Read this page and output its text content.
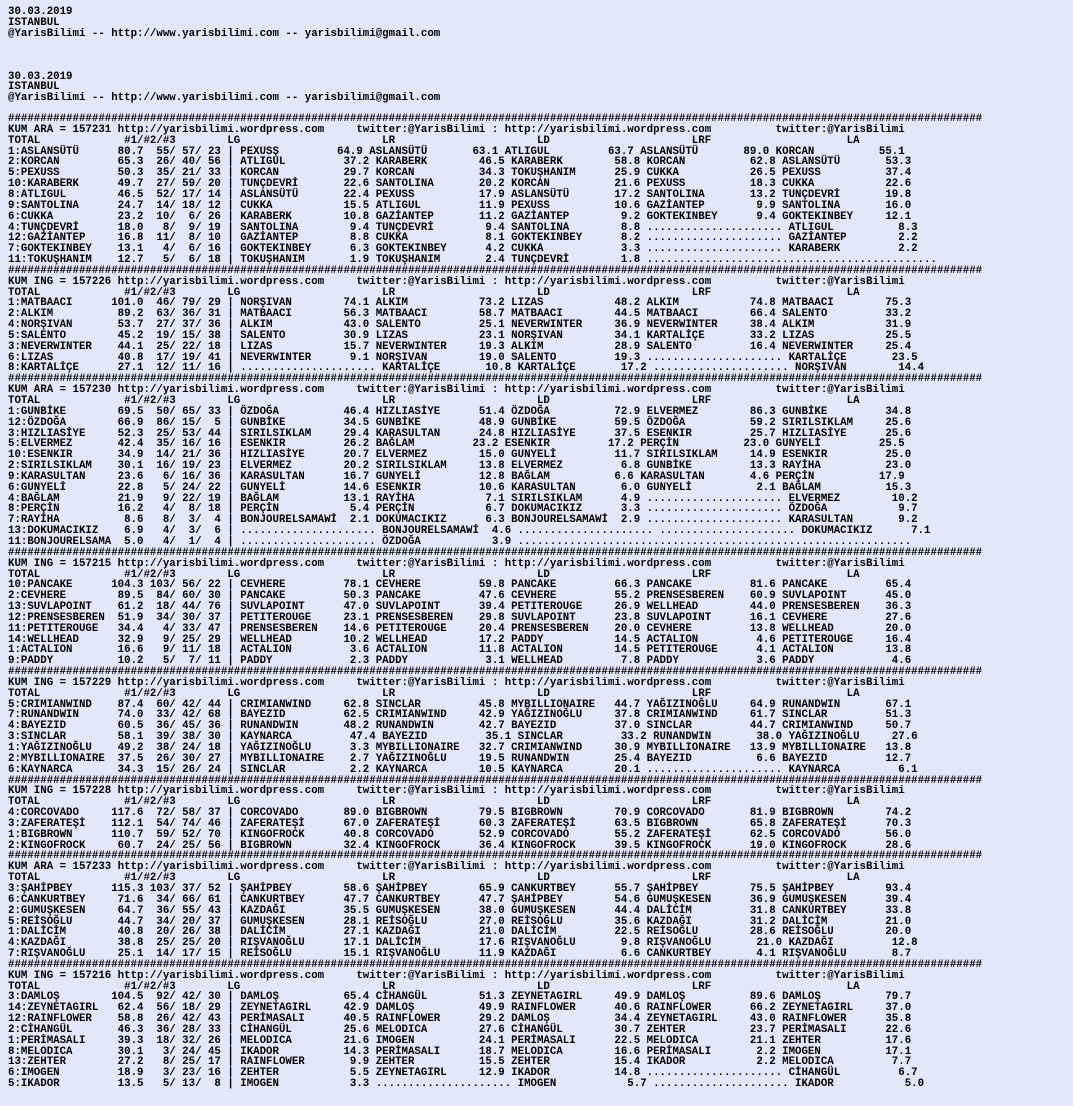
30.03.2019
ISTANBUL
@YarisBilimi -- http://www.yarisbilimi.com -- yarisbilimi@gmail.com
30.03.2019
ISTANBUL
@YarisBilimi -- http://www.yarisbilimi.com -- yarisbilimi@gmail.com
#######################################################################################################################################################
KUM ARA = 157231 http://yarisbilimi.wordpress.com     twitter:@YarisBilimi : http://yarisbilimi.wordpress.com          twitter:@YarisBilimi
TOTAL             #1/#2/#3        LG                      LR                      LD                      LRF                     LA
1:ASLANSÜTÜ      80.7  55/ 57/ 23 | PEXUSŞ         64.9 ASLANSÜTÜ       63.1 ATLIGUL         63.7 ASLANSÜTÜ       89.0 KORCAN          55.1
2:KORCAN         65.3  26/ 40/ 56 | ATLIGUL         37.2 KARABERK        46.5 KARABERK        58.8 KORCAN          62.8 ASLANSÜTÜ       53.3
5:PEXUSS         50.3  35/ 21/ 33 | KORCAN          29.7 KORCAN          34.3 TOKUŞHANIM      25.9 CUKKA           26.5 PEXUSS          37.4
10:KARABERK      49.7  27/ 59/ 20 | TUNÇDEVRİ       22.6 SANTOLINA       20.2 KORCAN          21.6 PEXUSS          18.3 CUKKA           22.6
8:ATLIGUL        46.5  52/ 17/ 14 | ASLANSÜTÜ       22.4 PEXUSS          17.9 ASLANSÜTÜ       17.2 SANTOLINA       13.2 TUNÇDEVRİ       19.8
9:SANTOLINA      24.7  14/ 18/ 12 | CUKKA           15.5 ATLIGUL         11.9 PEXUSS          10.6 GAZİANTEP        9.9 SANTOLINA       16.0
6:CUKKA          23.2  10/  6/ 26 | KARABERK        10.8 GAZİANTEP       11.2 GAZİANTEP        9.2 GOKTEKINBEY      9.4 GOKTEKINBEY     12.1
4:TUNÇDEVRİ      18.0   8/  9/ 19 | SANTOLINA        9.4 TUNÇDEVRİ        9.4 SANTOLINA        8.8 ..................... ATLIGUL          8.3
12:GAZİANTEP     16.8  11/  8/ 10 | GAZİANTEP        8.8 CUKKA            8.1 GOKTEKINBEY      8.2 ..................... GAZİANTEP        2.2
7:GOKTEKINBEY    13.1   4/  6/ 16 | GOKTEKINBEY      6.3 GOKTEKINBEY      4.2 CUKKA            3.3 ..................... KARABERK         2.2
11:TOKUŞHANIM    12.7   5/  6/ 18 | TOKUŞHANIM       1.9 TOKUŞHANIM       2.4 TUNÇDEVRİ        1.8 .............................................
#######################################################################################################################################################
KUM ING = 157226 http://yarisbilimi.wordpress.com     twitter:@YarisBilimi : http://yarisbilimi.wordpress.com          twitter:@YarisBilimi
TOTAL             #1/#2/#3        LG                      LR                      LD                      LRF                     LA
1:MATBAACI      101.0  46/ 79/ 29 | NORŞIVAN        74.1 ALKIM           73.2 LIZAS           48.2 ALKIM           74.8 MATBAACI        75.3
2:ALKIM          89.2  63/ 36/ 31 | MATBAACI        56.3 MATBAACI        58.7 MATBAACI        44.5 MATBAACI        66.4 SALENTO         33.2
4:NORŞIVAN       53.7  27/ 37/ 36 | ALKIM           43.0 SALENTO         25.1 NEVERWINTER     36.9 NEVERWINTER     38.4 ALKIM           31.9
5:SALENTO        45.2  19/ 15/ 38 | SALENTO         30.9 LIZAS           23.1 NORŞIVAN        34.1 KARTALİÇE       33.2 LIZAS           25.5
3:NEVERWINTER    44.1  25/ 22/ 18 | LIZAS           15.7 NEVERWINTER     19.3 ALKIM           28.9 SALENTO         16.4 NEVERWINTER     25.4
6:LIZAS          40.8  17/ 19/ 41 | NEVERWINTER      9.1 NORŞIVAN        19.0 SALENTO         19.3 ..................... KARTALİÇE       23.5
8:KARTALİÇE      27.1  12/ 11/ 16 | ..................... KARTALİÇE       10.8 KARTALİÇE       17.2 ..................... NORŞIVAN        14.4
#######################################################################################################################################################
KUM ARA = 157230 http://yarisbilimi.wordpress.com     twitter:@YarisBilimi : http://yarisbilimi.wordpress.com          twitter:@YarisBilimi
TOTAL             #1/#2/#3        LG                      LR                      LD                      LRF                     LA
1:GUNBİKE        69.5  50/ 65/ 33 | ÖZDOĞA          46.4 HIZLIASİYE      51.4 ÖZDOĞA          72.9 ELVERMEZ        86.3 GUNBİKE         34.8
12:ÖZDOĞA        66.9  86/ 15/  5 | GUNBİKE         34.5 GUNBİKE         48.9 GUNBİKE         59.5 ÖZDOĞA          59.2 SIRILSIKLAM     25.6
3:HIZLIASİYE     52.3  25/ 53/ 44 | SIRILSIKLAM     29.4 KARASULTAN      24.8 HIZLIASİYE      37.5 ESENKIR         25.7 HIZLIASİYE      25.6
5:ELVERMEZ       42.4  35/ 16/ 16 | ESENKIR         26.2 BAĞLAM         23.2 ESENKIR         17.2 PERÇİN          23.0 GUNYELİ         25.5
10:ESENKIR       34.9  14/ 21/ 36 | HIZLIASİYE      20.7 ELVERMEZ        15.0 GUNYELİ         11.7 SIRILSIKLAM     14.9 ESENKIR         25.0
2:SIRILSIKLAM    30.1  16/ 19/ 23 | ELVERMEZ        20.2 SIRILSIKLAM     13.8 ELVERMEZ         6.8 GUNBİKE         13.3 RAYİHA          23.0
9:KARASULTAN     23.6   6/ 16/ 36 | KARASULTAN      16.7 GUNYELİ         12.8 BAĞLAM          6.6 KARASULTAN       4.6 PERÇİN          17.9
6:GUNYELİ        22.8   5/ 24/ 22 | GUNYELİ         14.6 ESENKIR         10.6 KARASULTAN       6.0 GUNYELİ          2.1 BAĞLAM          15.3
4:BAĞLAM         21.9   9/ 22/ 19 | BAĞLAM          13.1 RAYİHA           7.1 SIRILSIKLAM      4.9 ..................... ELVERMEZ        10.2
8:PERÇİN         16.2   4/  8/ 18 | PERÇİN           5.4 PERÇİN           6.7 DOKUMACIKIZ      3.3 ..................... ÖZDOĞA           9.7
7:RAYİHA          8.6   8/  3/  4 | BONJOURELSAMAWİ  2.1 DOKUMACIKIZ      6.3 BONJOURELSAMAWİ  2.9 ..................... KARASULTAN       9.2
13:DOKUMACIKIZ    6.9   4/  3/  6 | ..................... BONJOURELSAMAWİ  4.6 ..................... ..................... DOKUMACIKIZ      7.1
11:BONJOURELSAMA  5.0   4/  1/  4 | ..................... ÖZDOĞA           3.9 .............................................................
#######################################################################################################################################################
KUM ING = 157215 http://yarisbilimi.wordpress.com     twitter:@YarisBilimi : http://yarisbilimi.wordpress.com          twitter:@YarisBilimi
TOTAL             #1/#2/#3        LG                      LR                      LD                      LRF                     LA
10:PANCAKE      104.3 103/ 56/ 22 | CEVHERE         78.1 CEVHERE         59.8 PANCAKE         66.3 PANCAKE         81.6 PANCAKE         65.4
2:CEVHERE        89.5  84/ 60/ 30 | PANCAKE         50.3 PANCAKE         47.6 CEVHERE         55.2 PRENSESBEREN    60.9 SUVLAPOINT      45.0
13:SUVLAPOINT    61.2  18/ 44/ 76 | SUVLAPOINT      47.0 SUVLAPOINT      39.4 PETITEROUGE     26.9 WELLHEAD        44.0 PRENSESBEREN    36.3
12:PRENSESBEREN  51.9  34/ 30/ 37 | PETITEROUGE     23.1 PRENSESBEREN    29.8 SUVLAPOINT      23.8 SUVLAPOINT      16.1 CEVHERE         27.6
11:PETITEROUGE   34.4   4/ 33/ 47 | PRENSESBEREN    14.6 PETITEROUGE     20.4 PRENSESBEREN    20.0 CEVHERE         13.8 WELLHEAD        20.0
14:WELLHEAD      32.9   9/ 25/ 29 | WELLHEAD        10.2 WELLHEAD        17.2 PADDY           14.5 ACTALION         4.6 PETITEROUGE     16.4
1:ACTALION       16.6   9/ 11/ 18 | ACTALION         3.6 ACTALION        11.8 ACTALION        14.5 PETITEROUGE      4.1 ACTALION        13.8
9:PADDY          10.2   5/  7/ 11 | PADDY            2.3 PADDY            3.1 WELLHEAD         7.8 PADDY            3.6 PADDY            4.6
#######################################################################################################################################################
KUM ING = 157229 http://yarisbilimi.wordpress.com     twitter:@YarisBilimi : http://yarisbilimi.wordpress.com          twitter:@YarisBilimi
TOTAL             #1/#2/#3        LG                      LR                      LD                      LRF                     LA
5:CRIMIANWIND    87.4  60/ 42/ 44 | CRIMIANWIND     62.8 SINCLAR         45.8 MYBILLIONAIRE   44.7 YAĞIZINOĞLU     64.9 RUNANDWIN       67.1
7:RUNANDWIN      74.0  33/ 42/ 68 | BAYEZID         62.5 CRIMIANWIND     42.9 YAĞIZINOĞLU     37.8 CRIMIANWIND     61.7 SINCLAR         51.3
4:BAYEZID        60.5  36/ 45/ 36 | RUNANDWIN       48.2 RUNANDWIN       42.7 BAYEZID         37.0 SINCLAR         44.7 CRIMIANWIND     50.7
3:SINCLAR        58.1  39/ 38/ 30 | KAYNARCA         47.4 BAYEZID         35.1 SINCLAR         33.2 RUNANDWIN       38.0 YAĞIZINOĞLU     27.6
1:YAĞIZINOĞLU    49.2  38/ 24/ 18 | YAĞIZINOĞLU      3.3 MYBILLIONAIRE   32.7 CRIMIANWIND     30.9 MYBILLIONAIRE   13.9 MYBILLIONAIRE   13.8
2:MYBILLIONAIRE  37.5  26/ 30/ 27 | MYBILLIONAIRE    2.7 YAĞIZINOĞLU     19.5 RUNANDWIN       25.4 BAYEZID          6.6 BAYEZID         12.7
6:KAYNARCA       34.3  15/ 26/ 24 | SINCLAR          2.2 KAYNARCA        10.5 KAYNARCA        20.1 ..................... KAYNARCA         6.1
#######################################################################################################################################################
KUM ING = 157228 http://yarisbilimi.wordpress.com     twitter:@YarisBilimi : http://yarisbilimi.wordpress.com          twitter:@YarisBilimi
TOTAL             #1/#2/#3        LG                      LR                      LD                      LRF                     LA
4:CORCOVADO     117.6  72/ 58/ 37 | CORCOVADO       89.0 BIGBROWN        79.5 BIGBROWN        70.9 CORCOVADO       81.9 BIGBROWN        74.2
3:ZAFERATEŞİ    112.1  54/ 74/ 46 | ZAFERATEŞİ      67.0 ZAFERATEŞİ      60.3 ZAFERATEŞİ      63.5 BIGBROWN        65.8 ZAFERATEŞİ      70.3
1:BIGBROWN      110.7  59/ 52/ 70 | KINGOFROCK      40.8 CORCOVADO       52.9 CORCOVADO       55.2 ZAFERATEŞİ      62.5 CORCOVADO       56.0
2:KINGOFROCK     60.7  24/ 25/ 56 | BIGBROWN        32.4 KINGOFROCK      36.4 KINGOFROCK      39.5 KINGOFROCK      19.0 KINGOFROCK      28.6
#######################################################################################################################################################
KUM ARA = 157233 http://yarisbilimi.wordpress.com     twitter:@YarisBilimi : http://yarisbilimi.wordpress.com          twitter:@YarisBilimi
TOTAL             #1/#2/#3        LG                      LR                      LD                      LRF                     LA
3:ŞAHİPBEY      115.3 103/ 37/ 52 | ŞAHİPBEY        58.6 ŞAHİPBEY        65.9 CANKURTBEY      55.7 ŞAHİPBEY        75.5 ŞAHİPBEY        93.4
6:CANKURTBEY     71.6  34/ 66/ 61 | CANKURTBEY      47.7 CANKURTBEY      47.7 ŞAHİPBEY        54.6 GUMUŞKESEN      36.9 GUMUŞKESEN      39.4
2:GUMUŞKESEN     64.7  36/ 55/ 43 | KAZDAĞI         35.5 GUMUŞKESEN      38.0 GUMUŞKESEN      44.4 DALİCİM         31.8 CANKURTBEY      33.8
5:REİSOĞLU       44.7  34/ 20/ 37 | GUMUŞKESEN      28.1 REİSOĞLU        27.0 REİSOĞLU        35.6 KAZDAĞI         31.2 DALİCİM         21.0
1:DALİCİM        40.8  20/ 26/ 38 | DALİCİM         27.1 KAZDAĞI         21.0 DALİCİM         22.5 REİSOĞLU        28.6 REİSOĞLU        20.0
4:KAZDAĞI        38.8  25/ 25/ 20 | RIŞVANOĞLU      17.1 DALİCİM         17.6 RIŞVANOĞLU       9.8 RIŞVANOĞLU       21.0 KAZDAĞI         12.8
7:RIŞVANOĞLU     25.1  14/ 17/ 15 | REİSOĞLU        15.1 RIŞVANOĞLU      11.9 KAZDAĞI          6.6 CANKURTBEY       4.1 RIŞVANOĞLU       8.7
#######################################################################################################################################################
KUM ING = 157216 http://yarisbilimi.wordpress.com     twitter:@YarisBilimi : http://yarisbilimi.wordpress.com          twitter:@YarisBilimi
TOTAL             #1/#2/#3        LG                      LR                      LD                      LRF                     LA
3:DAMLOŞ        104.5  92/ 42/ 30 | DAMLOŞ          65.4 CİHANGÜL        51.3 ZEYNETAGIRL     49.9 DAMLOŞ          89.6 DAMLOŞ          79.7
14:ZEYNETAGIRL   62.4  56/ 18/ 29 | ZEYNETAGIRL     42.9 DAMLOŞ          49.9 RAINFLOWER      40.6 RAINFLOWER      66.2 ZEYNETAGIRL     37.0
12:RAINFLOWER    58.8  26/ 42/ 43 | PERİMASALI      40.5 RAINFLOWER      29.2 DAMLOŞ          34.4 ZEYNETAGIRL     43.0 RAINFLOWER      35.8
2:CİHANGÜL       46.3  36/ 28/ 33 | CİHANGÜL        25.6 MELODICA        27.6 CİHANGÜL        30.7 ZEHTER          23.7 PERİMASALI      22.6
1:PERİMASALI     39.3  18/ 32/ 26 | MELODICA        21.6 IMOGEN          24.1 PERİMASALI      22.5 MELODICA        21.1 ZEHTER          17.6
8:MELODICA       30.1   3/ 24/ 45 | IKADOR          14.3 PERİMASALI      18.7 MELODICA        16.6 PERİMASALI       2.2 IMOGEN          17.1
13:ZEHTER        27.2   8/ 25/ 17 | RAINFLOWER       9.9 ZEHTER          15.5 ZEHTER          15.4 IKADOR           2.2 MELODICA         7.7
6:IMOGEN         18.9   3/ 23/ 16 | ZEHTER           5.5 ZEYNETAGIRL     12.9 IKADOR          14.8 ..................... CİHANGÜL         6.7
5:IKADOR         13.5   5/ 13/  8 | IMOGEN           3.3 ..................... IMOGEN           5.7 ..................... IKADOR           5.0
